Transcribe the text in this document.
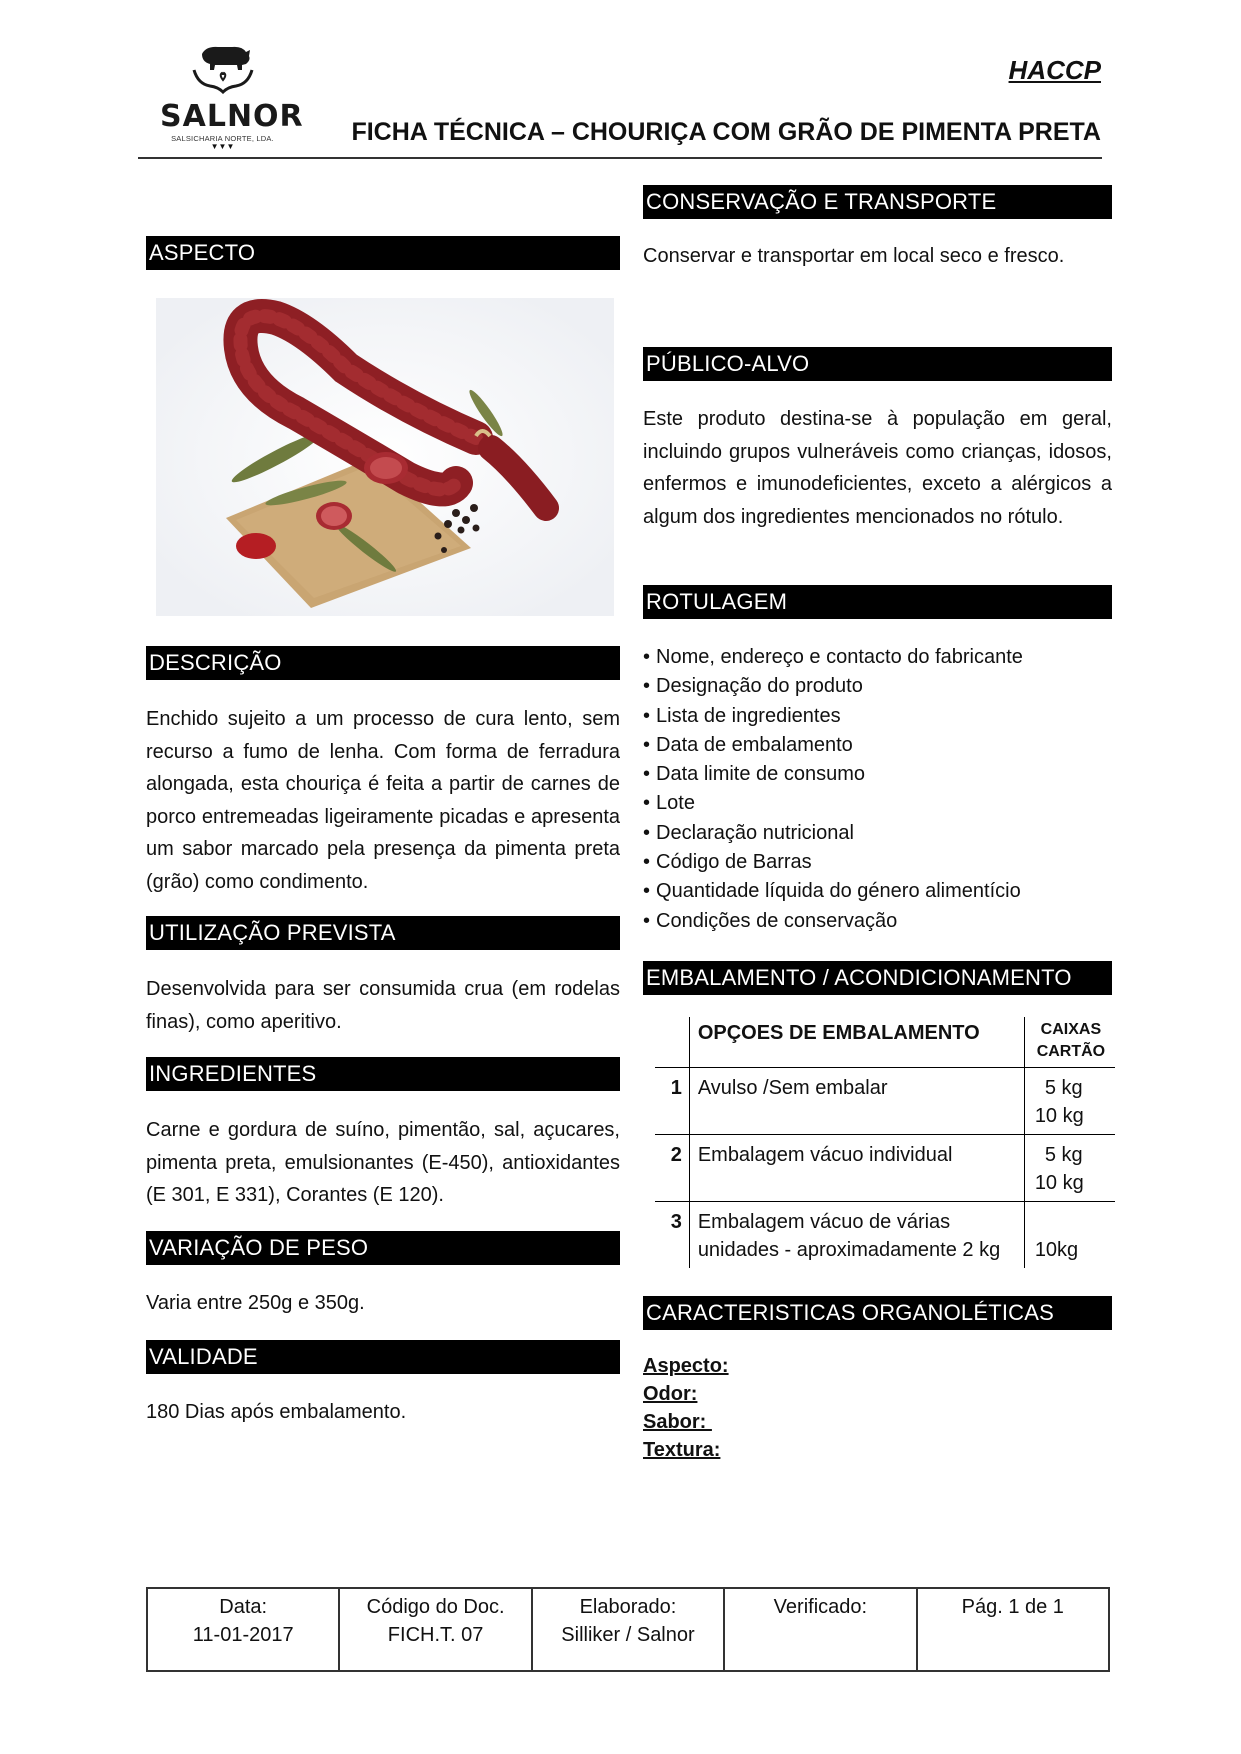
SALNOR
SALSICHARIA NORTE, LDA.
▼▼▼
HACCP
FICHA TÉCNICA – CHOURIÇA COM GRÃO DE PIMENTA PRETA
ASPECTO
DESCRIÇÃO
Enchido sujeito a um processo de cura lento, sem recurso a fumo de lenha. Com forma de ferradura alongada, esta chouriça é feita a partir de carnes de porco entremeadas ligeiramente picadas e apresenta um sabor marcado pela presença da pimenta preta (grão) como condimento.
UTILIZAÇÃO PREVISTA
Desenvolvida para ser consumida crua (em rodelas finas), como aperitivo.
INGREDIENTES
Carne e gordura de suíno, pimentão, sal, açucares, pimenta preta, emulsionantes (E-450), antioxidantes (E 301, E 331), Corantes (E 120).
VARIAÇÃO DE PESO
Varia entre 250g e 350g.
VALIDADE
180 Dias após embalamento.
CONSERVAÇÃO E TRANSPORTE
Conservar e transportar em local seco e fresco.
PÚBLICO-ALVO
Este produto destina-se à população em geral, incluindo grupos vulneráveis como crianças, idosos, enfermos e imunodeficientes, exceto a alérgicos a algum dos ingredientes mencionados no rótulo.
ROTULAGEM
• Nome, endereço e contacto do fabricante
• Designação do produto
• Lista de ingredientes
• Data de embalamento
• Data limite de consumo
• Lote
• Declaração nutricional
• Código de Barras
• Quantidade líquida do género alimentício
• Condições de conservação
EMBALAMENTO / ACONDICIONAMENTO
	OPÇOES DE EMBALAMENTO	CAIXAS
CARTÃO

1	Avulso /Sem embalar	5 kg
10 kg

2	Embalagem vácuo individual	5 kg
10 kg

3	Embalagem vácuo de várias
unidades - aproximadamente 2 kg	10kg
CARACTERISTICAS ORGANOLÉTICAS
Aspecto:
Odor:
Sabor:
Textura:
Data:
11-01-2017

Código do Doc.
FICH.T. 07

Elaborado:
Silliker / Salnor

Verificado:	Pág. 1 de 1
